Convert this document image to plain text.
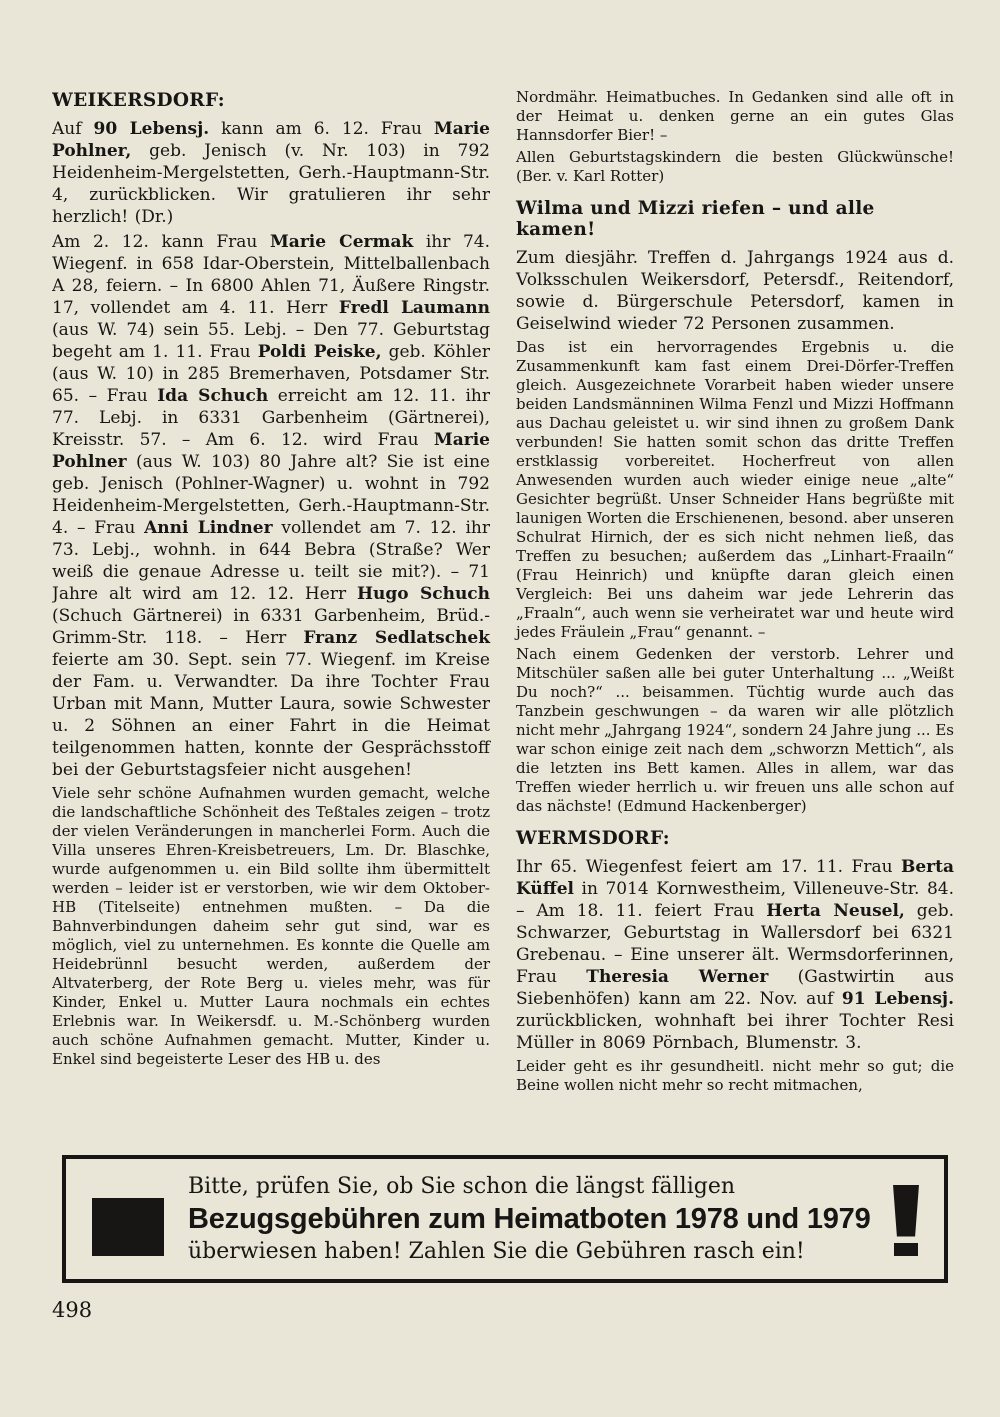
WEIKERSDORF:

Auf 90 Lebensj. kann am 6. 12. Frau Marie Pohlner, geb. Jenisch (v. Nr. 103) in 792 Heidenheim-Mergelstetten, Gerh.-Hauptmann-Str. 4, zurückblicken. Wir gratulieren ihr sehr herzlich! (Dr.)

Am 2. 12. kann Frau Marie Cermak ihr 74. Wiegenf. in 658 Idar-Oberstein, Mittelballenbach A 28, feiern. – In 6800 Ahlen 71, Äußere Ringstr. 17, vollendet am 4. 11. Herr Fredl Laumann (aus W. 74) sein 55. Lebj. – Den 77. Geburtstag begeht am 1. 11. Frau Poldi Peiske, geb. Köhler (aus W. 10) in 285 Bremerhaven, Potsdamer Str. 65. – Frau Ida Schuch erreicht am 12. 11. ihr 77. Lebj. in 6331 Garbenheim (Gärtnerei), Kreisstr. 57. – Am 6. 12. wird Frau Marie Pohlner (aus W. 103) 80 Jahre alt? Sie ist eine geb. Jenisch (Pohlner-Wagner) u. wohnt in 792 Heidenheim-Mergelstetten, Gerh.-Hauptmann-Str. 4. – Frau Anni Lindner vollendet am 7. 12. ihr 73. Lebj., wohnh. in 644 Bebra (Straße? Wer weiß die genaue Adresse u. teilt sie mit?). – 71 Jahre alt wird am 12. 12. Herr Hugo Schuch (Schuch Gärtnerei) in 6331 Garbenheim, Brüd.-Grimm-Str. 118. – Herr Franz Sedlatschek feierte am 30. Sept. sein 77. Wiegenf. im Kreise der Fam. u. Verwandter. Da ihre Tochter Frau Urban mit Mann, Mutter Laura, sowie Schwester u. 2 Söhnen an einer Fahrt in die Heimat teilgenommen hatten, konnte der Gesprächsstoff bei der Geburtstagsfeier nicht ausgehen!

Viele sehr schöne Aufnahmen wurden gemacht, welche die landschaftliche Schönheit des Teßtales zeigen – trotz der vielen Veränderungen in mancherlei Form. Auch die Villa unseres Ehren-Kreisbetreuers, Lm. Dr. Blaschke, wurde aufgenommen u. ein Bild sollte ihm übermittelt werden – leider ist er verstorben, wie wir dem Oktober-HB (Titelseite) entnehmen mußten. – Da die Bahnverbindungen daheim sehr gut sind, war es möglich, viel zu unternehmen. Es konnte die Quelle am Heidebrünnl besucht werden, außerdem der Altvaterberg, der Rote Berg u. vieles mehr, was für Kinder, Enkel u. Mutter Laura nochmals ein echtes Erlebnis war. In Weikersdf. u. M.-Schönberg wurden auch schöne Aufnahmen gemacht. Mutter, Kinder u. Enkel sind begeisterte Leser des HB u. des

Nordmähr. Heimatbuches. In Gedanken sind alle oft in der Heimat u. denken gerne an ein gutes Glas Hannsdorfer Bier! –

Allen Geburtstagskindern die besten Glückwünsche! (Ber. v. Karl Rotter)

Wilma und Mizzi riefen – und alle kamen!

Zum diesjähr. Treffen d. Jahrgangs 1924 aus d. Volksschulen Weikersdorf, Petersdf., Reitendorf, sowie d. Bürgerschule Petersdorf, kamen in Geiselwind wieder 72 Personen zusammen.

Das ist ein hervorragendes Ergebnis u. die Zusammenkunft kam fast einem Drei-Dörfer-Treffen gleich. Ausgezeichnete Vorarbeit haben wieder unsere beiden Landsmänninen Wilma Fenzl und Mizzi Hoffmann aus Dachau geleistet u. wir sind ihnen zu großem Dank verbunden! Sie hatten somit schon das dritte Treffen erstklassig vorbereitet. Hocherfreut von allen Anwesenden wurden auch wieder einige neue „alte“ Gesichter begrüßt. Unser Schneider Hans begrüßte mit launigen Worten die Erschienenen, besond. aber unseren Schulrat Hirnich, der es sich nicht nehmen ließ, das Treffen zu besuchen; außerdem das „Linhart-Fraailn“ (Frau Heinrich) und knüpfte daran gleich einen Vergleich: Bei uns daheim war jede Lehrerin das „Fraaln“, auch wenn sie verheiratet war und heute wird jedes Fräulein „Frau“ genannt. –

Nach einem Gedenken der verstorb. Lehrer und Mitschüler saßen alle bei guter Unterhaltung ... „Weißt Du noch?“ ... beisammen. Tüchtig wurde auch das Tanzbein geschwungen – da waren wir alle plötzlich nicht mehr „Jahrgang 1924“, sondern 24 Jahre jung ... Es war schon einige zeit nach dem „schworzn Mettich“, als die letzten ins Bett kamen. Alles in allem, war das Treffen wieder herrlich u. wir freuen uns alle schon auf das nächste! (Edmund Hackenberger)

WERMSDORF:

Ihr 65. Wiegenfest feiert am 17. 11. Frau Berta Küffel in 7014 Kornwestheim, Villeneuve-Str. 84. – Am 18. 11. feiert Frau Herta Neusel, geb. Schwarzer, Geburtstag in Wallersdorf bei 6321 Grebenau. – Eine unserer ält. Wermsdorferinnen, Frau Theresia Werner (Gastwirtin aus Siebenhöfen) kann am 22. Nov. auf 91 Lebensj. zurückblicken, wohnhaft bei ihrer Tochter Resi Müller in 8069 Pörnbach, Blumenstr. 3.

Leider geht es ihr gesundheitl. nicht mehr so gut; die Beine wollen nicht mehr so recht mitmachen,

Bitte, prüfen Sie, ob Sie schon die längst fälligen
Bezugsgebühren zum Heimatboten 1978 und 1979
überwiesen haben! Zahlen Sie die Gebühren rasch ein!
498
